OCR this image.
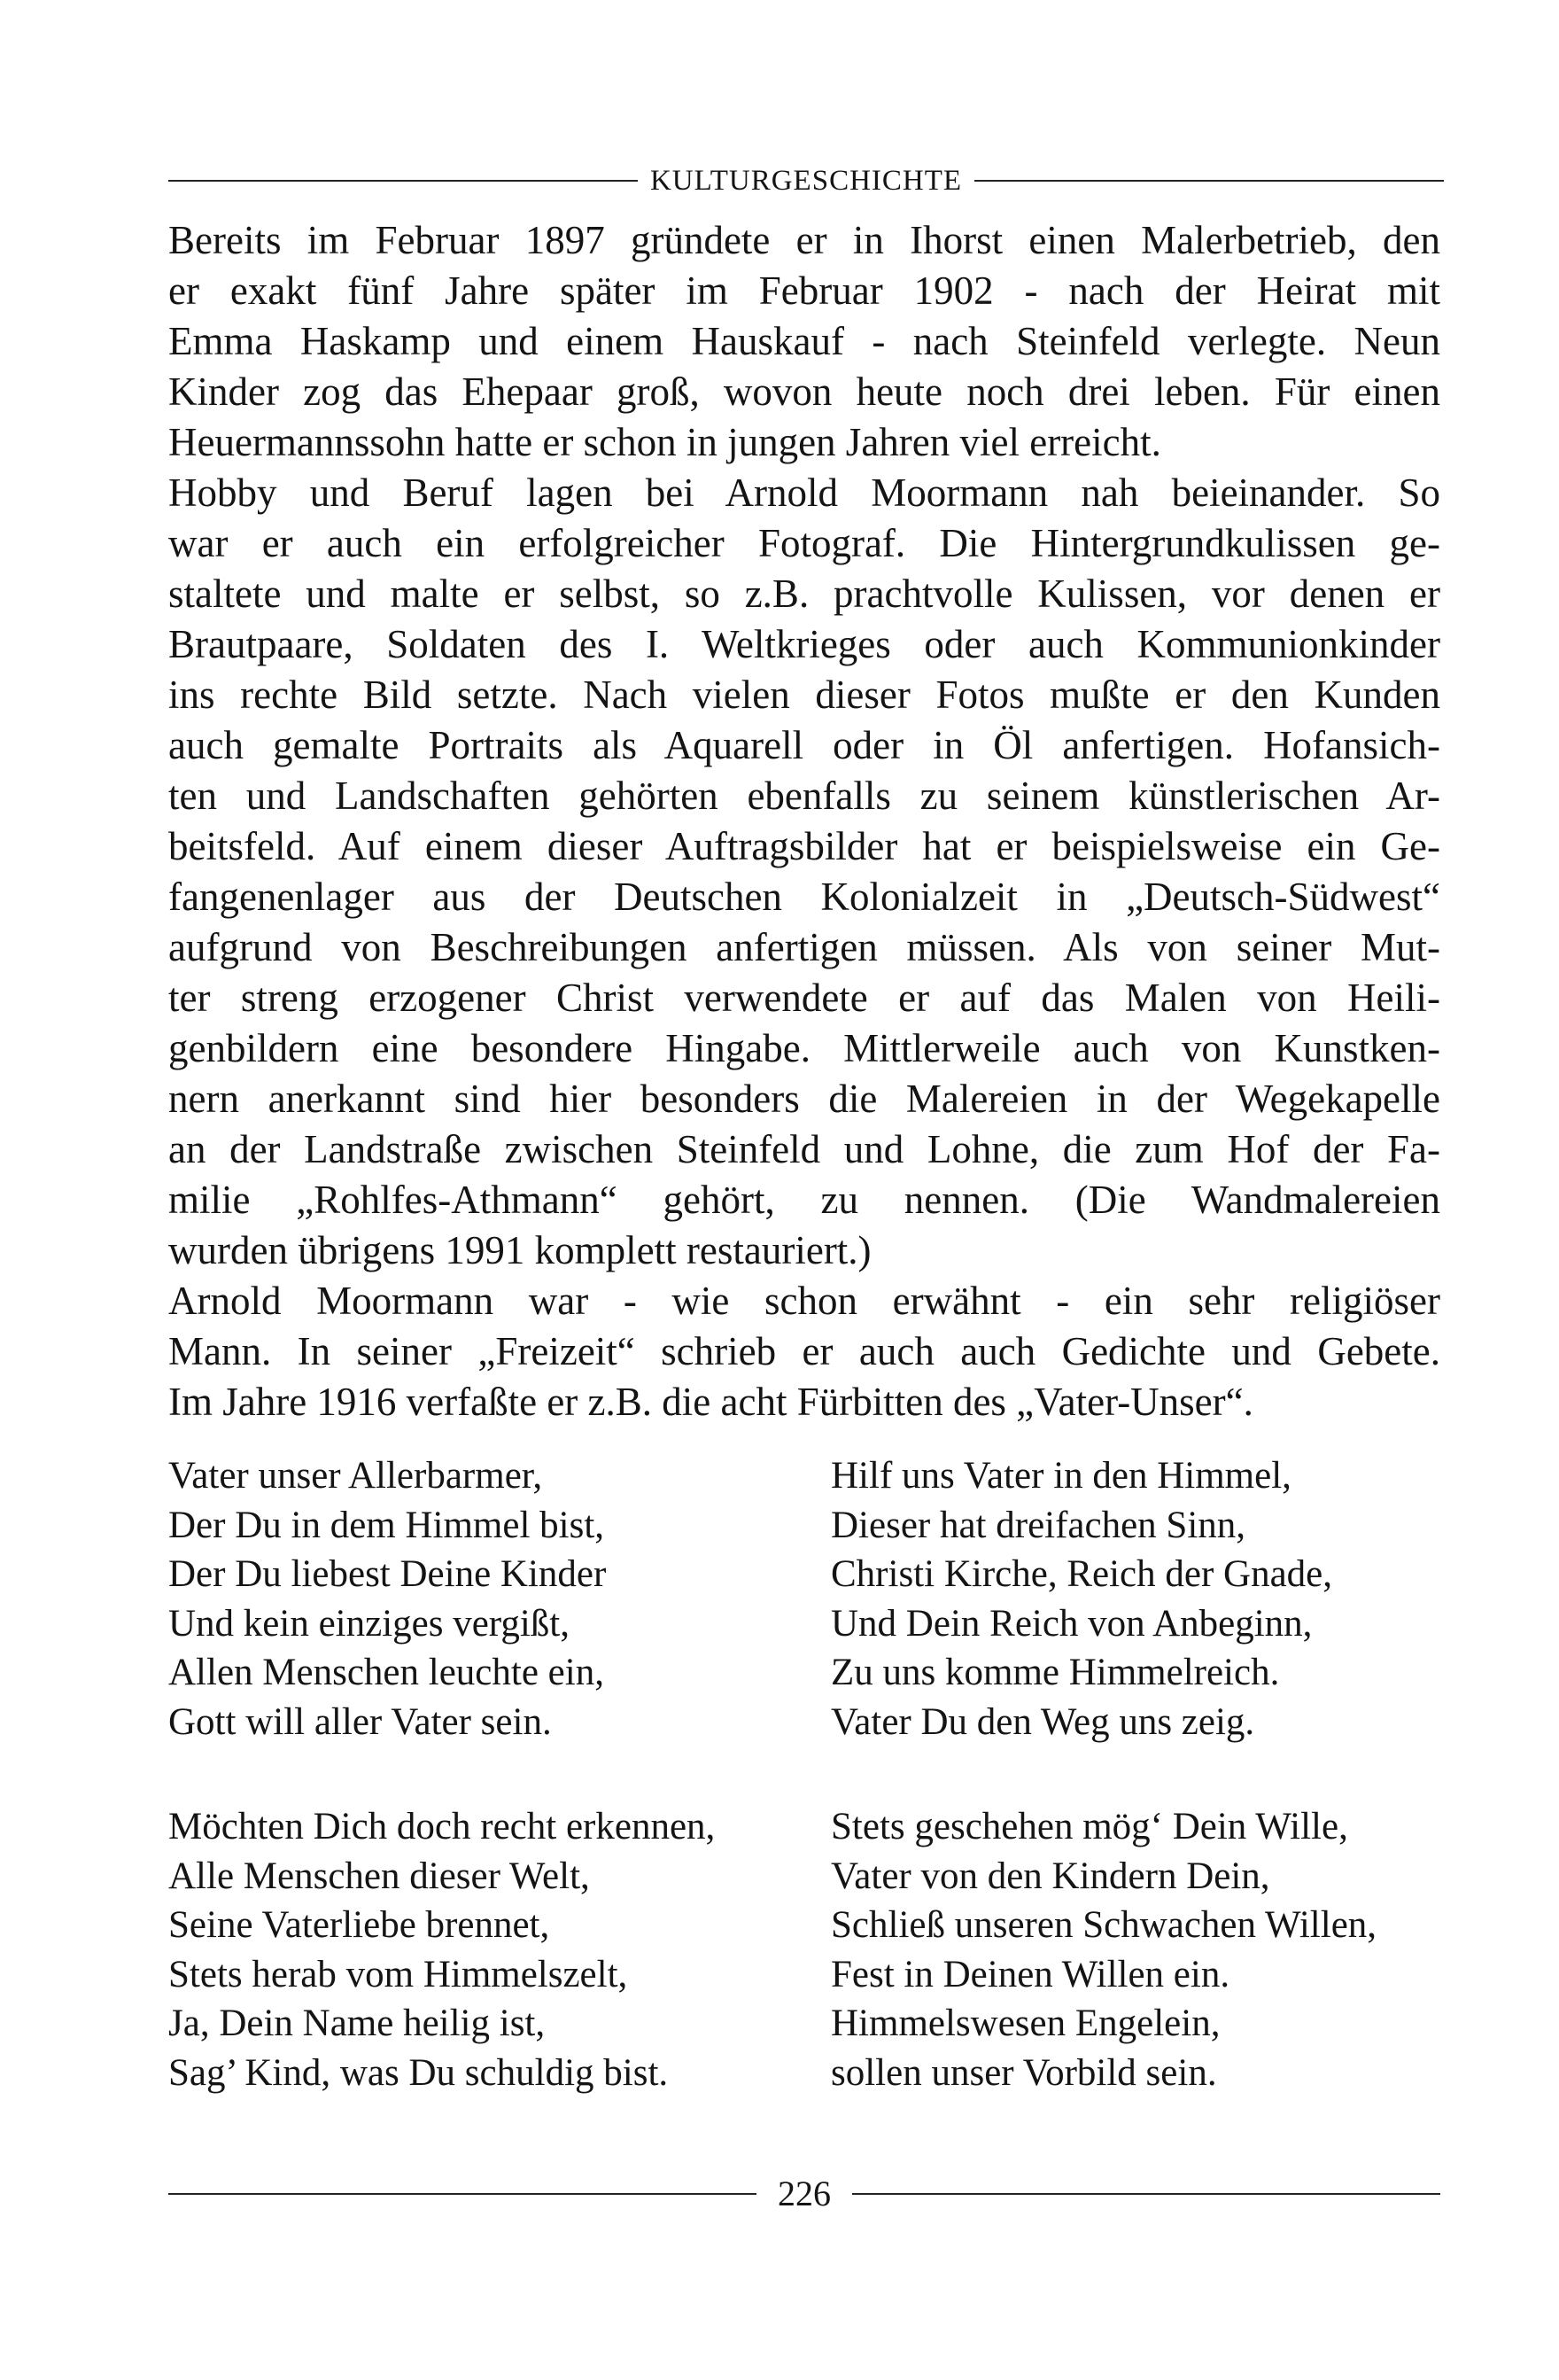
KULTURGESCHICHTE
Bereits im Februar 1897 gründete er in Ihorst einen Malerbetrieb, den
er exakt fünf Jahre später im Februar 1902 - nach der Heirat mit
Emma Haskamp und einem Hauskauf - nach Steinfeld verlegte. Neun
Kinder zog das Ehepaar groß, wovon heute noch drei leben. Für einen
Heuermannssohn hatte er schon in jungen Jahren viel erreicht.
Hobby und Beruf lagen bei Arnold Moormann nah beieinander. So
war er auch ein erfolgreicher Fotograf. Die Hintergrundkulissen ge-
staltete und malte er selbst, so z.B. prachtvolle Kulissen, vor denen er
Brautpaare, Soldaten des I. Weltkrieges oder auch Kommunionkinder
ins rechte Bild setzte. Nach vielen dieser Fotos mußte er den Kunden
auch gemalte Portraits als Aquarell oder in Öl anfertigen. Hofansich-
ten und Landschaften gehörten ebenfalls zu seinem künstlerischen Ar-
beitsfeld. Auf einem dieser Auftragsbilder hat er beispielsweise ein Ge-
fangenenlager aus der Deutschen Kolonialzeit in „Deutsch-Südwest“
aufgrund von Beschreibungen anfertigen müssen. Als von seiner Mut-
ter streng erzogener Christ verwendete er auf das Malen von Heili-
genbildern eine besondere Hingabe. Mittlerweile auch von Kunstken-
nern anerkannt sind hier besonders die Malereien in der Wegekapelle
an der Landstraße zwischen Steinfeld und Lohne, die zum Hof der Fa-
milie „Rohlfes-Athmann“ gehört, zu nennen. (Die Wandmalereien
wurden übrigens 1991 komplett restauriert.)
Arnold Moormann war - wie schon erwähnt - ein sehr religiöser
Mann. In seiner „Freizeit“ schrieb er auch auch Gedichte und Gebete.
Im Jahre 1916 verfaßte er z.B. die acht Fürbitten des „Vater-Unser“.
Vater unser Allerbarmer,
Der Du in dem Himmel bist,
Der Du liebest Deine Kinder
Und kein einziges vergißt,
Allen Menschen leuchte ein,
Gott will aller Vater sein.
Möchten Dich doch recht erkennen,
Alle Menschen dieser Welt,
Seine Vaterliebe brennet,
Stets herab vom Himmelszelt,
Ja, Dein Name heilig ist,
Sag’ Kind, was Du schuldig bist.
Hilf uns Vater in den Himmel,
Dieser hat dreifachen Sinn,
Christi Kirche, Reich der Gnade,
Und Dein Reich von Anbeginn,
Zu uns komme Himmelreich.
Vater Du den Weg uns zeig.
Stets geschehen mög‘ Dein Wille,
Vater von den Kindern Dein,
Schließ unseren Schwachen Willen,
Fest in Deinen Willen ein.
Himmelswesen Engelein,
sollen unser Vorbild sein.
226
